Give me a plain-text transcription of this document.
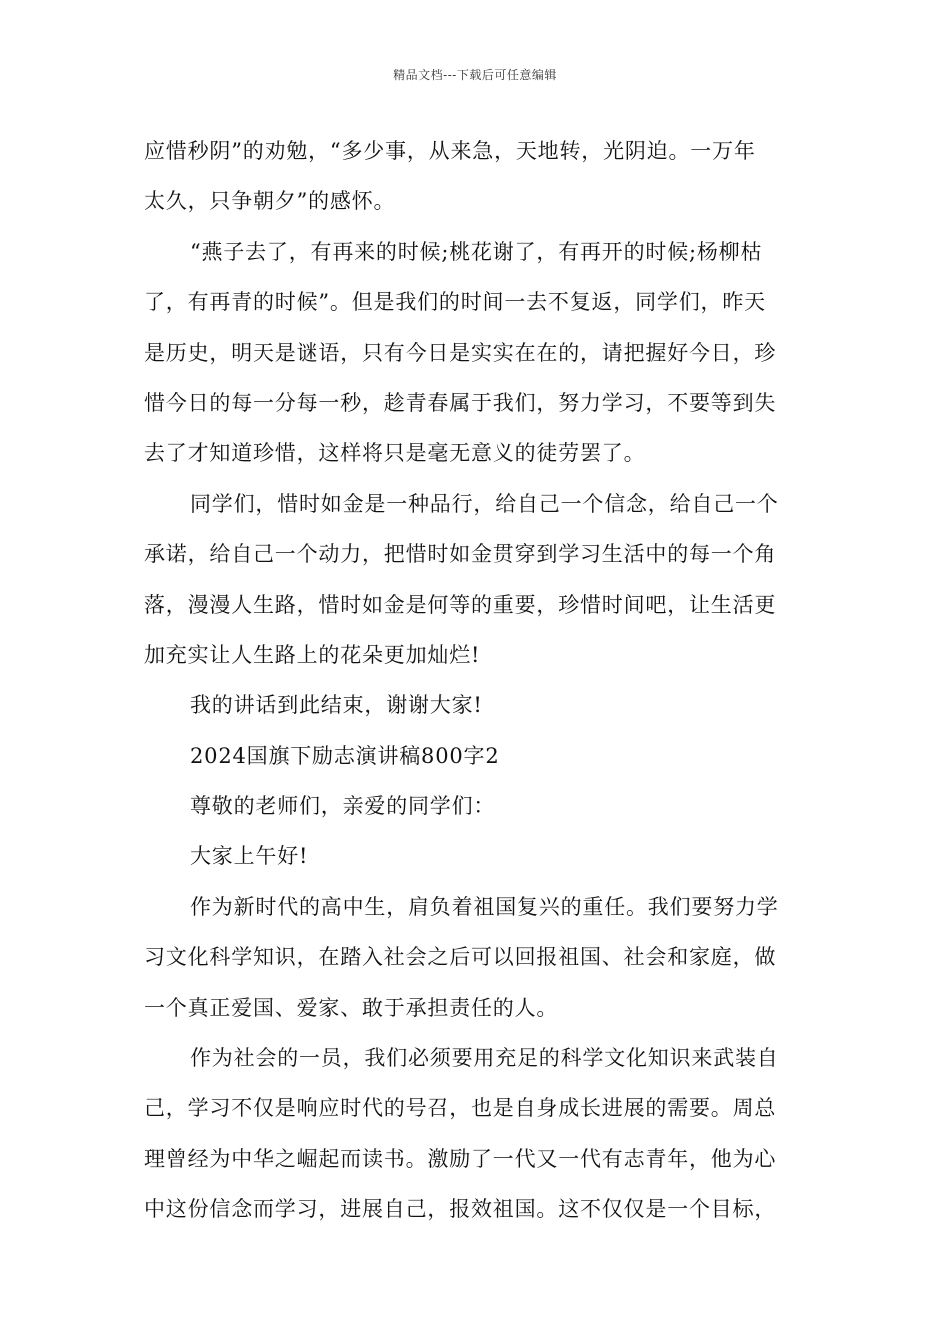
精品文档---下载后可任意编辑
应惜秒阴”的劝勉，“多少事，从来急，天地转，光阴迫。一万年
太久，只争朝夕”的感怀。
“燕子去了，有再来的时候;桃花谢了，有再开的时候;杨柳枯
了，有再青的时候”。但是我们的时间一去不复返，同学们，昨天
是历史，明天是谜语，只有今日是实实在在的，请把握好今日，珍
惜今日的每一分每一秒，趁青春属于我们，努力学习，不要等到失
去了才知道珍惜，这样将只是毫无意义的徒劳罢了。
同学们，惜时如金是一种品行，给自己一个信念，给自己一个
承诺，给自己一个动力，把惜时如金贯穿到学习生活中的每一个角
落，漫漫人生路，惜时如金是何等的重要，珍惜时间吧，让生活更
加充实让人生路上的花朵更加灿烂!
我的讲话到此结束，谢谢大家!
2024国旗下励志演讲稿800字2
尊敬的老师们，亲爱的同学们：
大家上午好!
作为新时代的高中生，肩负着祖国复兴的重任。我们要努力学
习文化科学知识，在踏入社会之后可以回报祖国、社会和家庭，做
一个真正爱国、爱家、敢于承担责任的人。
作为社会的一员，我们必须要用充足的科学文化知识来武装自
己，学习不仅是响应时代的号召，也是自身成长进展的需要。周总
理曾经为中华之崛起而读书。激励了一代又一代有志青年，他为心
中这份信念而学习，进展自己，报效祖国。这不仅仅是一个目标，
